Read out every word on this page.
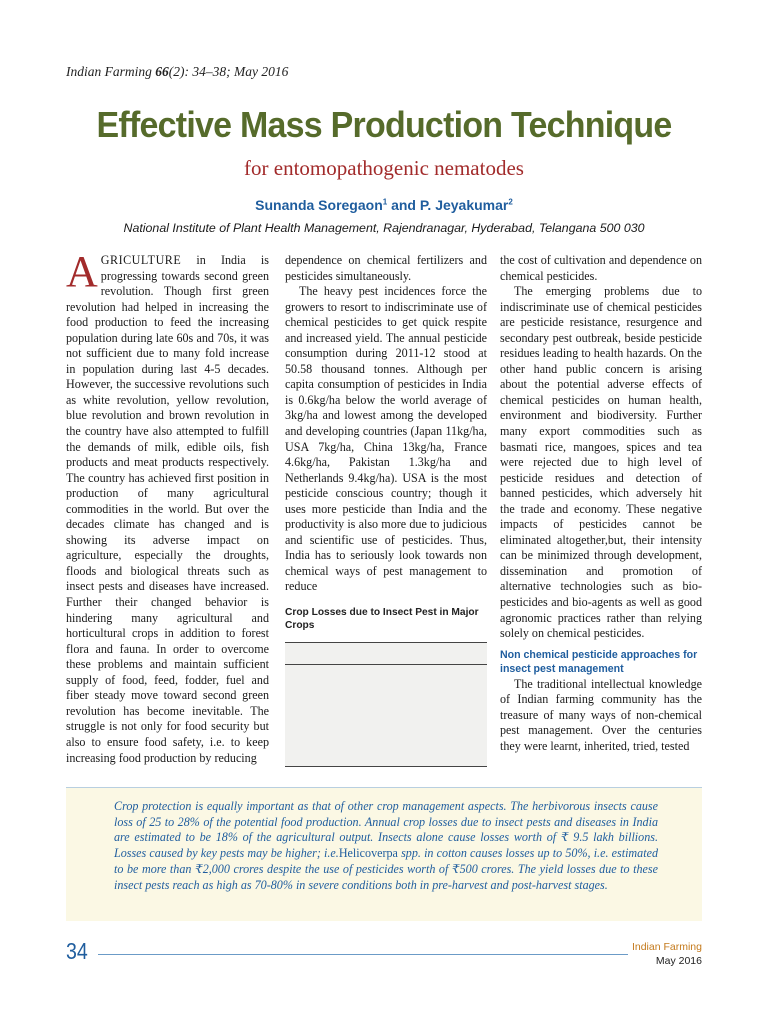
Indian Farming 66(2): 34–38; May 2016
Effective Mass Production Technique
for entomopathogenic nematodes
Sunanda Soregaon$^1$ and P. Jeyakumar$^2$
National Institute of Plant Health Management, Rajendranagar, Hyderabad, Telangana 500 030

AGRICULTURE in India is progressing towards second green revolution. Though first green revolution had helped in increasing the food production to feed the increasing population during late 60s and 70s, it was not sufficient due to many fold increase in population during last 4-5 decades. However, the successive revolutions such as white revolution, yellow revolution, blue revolution and brown revolution in the country have also attempted to fulfill the demands of milk, edible oils, fish products and meat products respectively. The country has achieved first position in production of many agricultural commodities in the world. But over the decades climate has changed and is showing its adverse impact on agriculture, especially the droughts, floods and biological threats such as insect pests and diseases have increased. Further their changed behavior is hindering many agricultural and horticultural crops in addition to forest flora and fauna. In order to overcome these problems and maintain sufficient supply of food, feed, fodder, fuel and fiber steady move toward second green revolution has become inevitable. The struggle is not only for food security but also to ensure food safety, i.e. to keep increasing food production by reducing

dependence on chemical fertilizers and pesticides simultaneously.

The heavy pest incidences force the growers to resort to indiscriminate use of chemical pesticides to get quick respite and increased yield. The annual pesticide consumption during 2011-12 stood at 50.58 thousand tonnes. Although per capita consumption of pesticides in India is 0.6kg/ha below the world average of 3kg/ha and lowest among the developed and developing countries (Japan 11kg/ha, USA 7kg/ha, China 13kg/ha, France 4.6kg/ha, Pakistan 1.3kg/ha and Netherlands 9.4kg/ha). USA is the most pesticide conscious country; though it uses more pesticide than India and the productivity is also more due to judicious and scientific use of pesticides. Thus, India has to seriously look towards non chemical ways of pest management to reduce

Crop Losses due to Insect Pest in Major Crops

the cost of cultivation and dependence on chemical pesticides.

The emerging problems due to indiscriminate use of chemical pesticides are pesticide resistance, resurgence and secondary pest outbreak, beside pesticide residues leading to health hazards. On the other hand public concern is arising about the potential adverse effects of chemical pesticides on human health, environment and biodiversity. Further many export commodities such as basmati rice, mangoes, spices and tea were rejected due to high level of pesticide residues and detection of banned pesticides, which adversely hit the trade and economy. These negative impacts of pesticides cannot be eliminated altogether,but, their intensity can be minimized through development, dissemination and promotion of alternative technologies such as bio-pesticides and bio-agents as well as good agronomic practices rather than relying solely on chemical pesticides.

Non chemical pesticide approaches for insect pest management

The traditional intellectual knowledge of Indian farming community has the treasure of many ways of non-chemical pest management. Over the centuries they were learnt, inherited, tried, tested

Crop protection is equally important as that of other crop management aspects. The herbivorous insects cause loss of 25 to 28% of the potential food production. Annual crop losses due to insect pests and diseases in India are estimated to be 18% of the agricultural output. Insects alone cause losses worth of ₹ 9.5 lakh billions. Losses caused by key pests may be higher; i.e.Helicoverpa spp. in cotton causes losses up to 50%, i.e. estimated to be more than ₹2,000 crores despite the use of pesticides worth of ₹500 crores. The yield losses due to these insect pests reach as high as 70-80% in severe conditions both in pre-harvest and post-harvest stages.

34	Indian Farming
May 2016
